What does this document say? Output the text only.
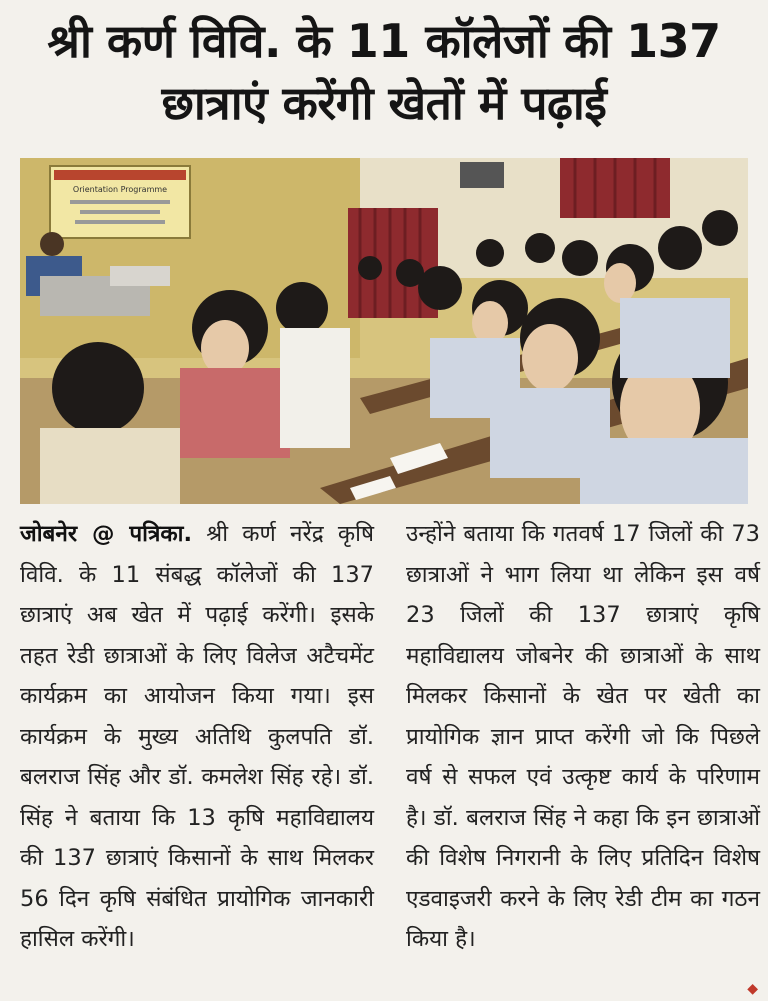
श्री कर्ण विवि. के 11 कॉलेजों की 137
छात्राएं करेंगी खेतों में पढ़ाई
Orientation Programme

जोबनेर @ पत्रिका. श्री कर्ण नरेंद्र कृषि विवि. के 11 संबद्ध कॉलेजों की 137 छात्राएं अब खेत में पढ़ाई करेंगी। इसके तहत रेडी छात्राओं के लिए विलेज अटैचमेंट कार्यक्रम का आयोजन किया गया। इस कार्यक्रम के मुख्य अतिथि कुलपति डॉ. बलराज सिंह और डॉ. कमलेश सिंह रहे। डॉ. सिंह ने बताया कि 13 कृषि महाविद्यालय की 137 छात्राएं किसानों के साथ मिलकर 56 दिन कृषि संबंधित प्रायोगिक जानकारी हासिल करेंगी।

उन्होंने बताया कि गतवर्ष 17 जिलों की 73 छात्राओं ने भाग लिया था लेकिन इस वर्ष 23 जिलों की 137 छात्राएं कृषि महाविद्यालय जोबनेर की छात्राओं के साथ मिलकर किसानों के खेत पर खेती का प्रायोगिक ज्ञान प्राप्त करेंगी जो कि पिछले वर्ष से सफल एवं उत्कृष्ट कार्य के परिणाम है। डॉ. बलराज सिंह ने कहा कि इन छात्राओं की विशेष निगरानी के लिए प्रतिदिन विशेष एडवाइजरी करने के लिए रेडी टीम का गठन किया है।

◆
